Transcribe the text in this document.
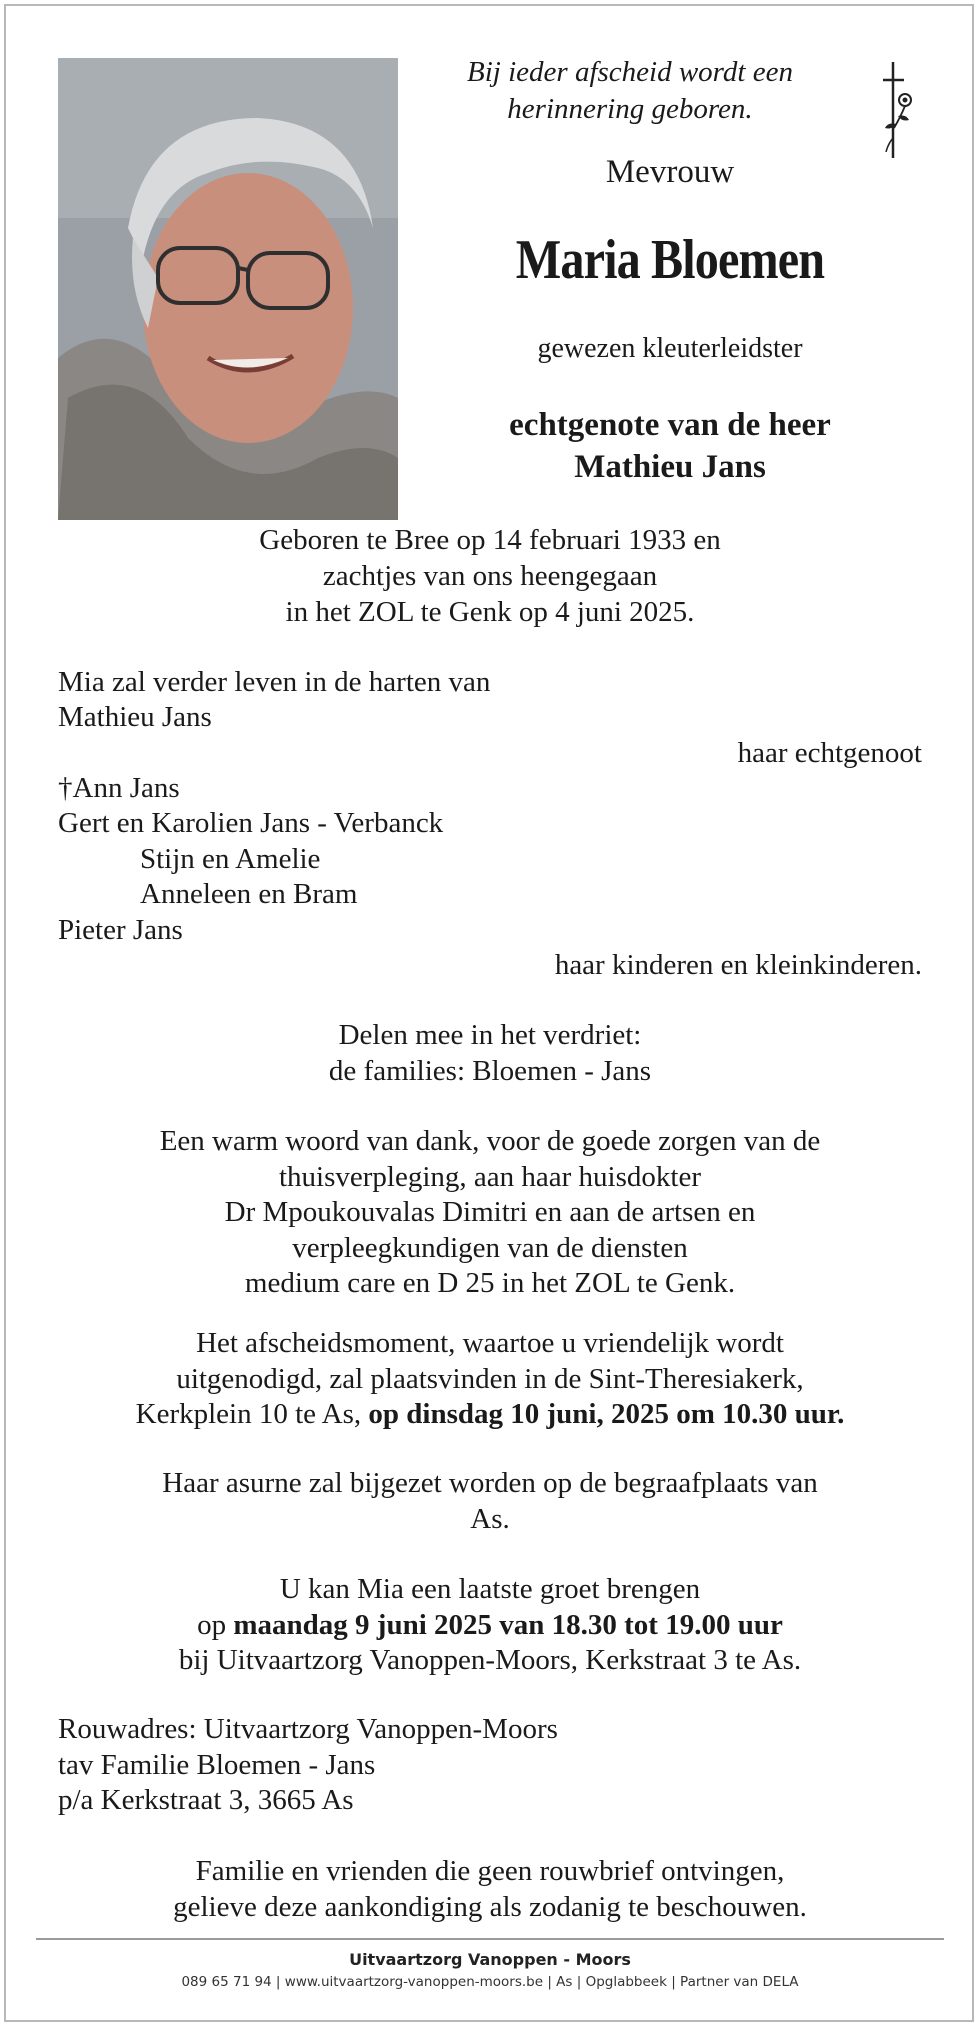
Bij ieder afscheid wordt een
herinnering geboren.
Mevrouw
Maria Bloemen
gewezen kleuterleidster
echtgenote van de heer
Mathieu Jans
Geboren te Bree op 14 februari 1933 en
zachtjes van ons heengegaan
in het ZOL te Genk op 4 juni 2025.
Mia zal verder leven in de harten van
Mathieu Jans
haar echtgenoot
†Ann Jans
Gert en Karolien Jans - Verbanck
Stijn en Amelie
Anneleen en Bram
Pieter Jans
haar kinderen en kleinkinderen.
Delen mee in het verdriet:
de families: Bloemen - Jans
Een warm woord van dank, voor de goede zorgen van de
thuisverpleging, aan haar huisdokter
Dr Mpoukouvalas Dimitri en aan de artsen en
verpleegkundigen van de diensten
medium care en D 25 in het ZOL te Genk.
Het afscheidsmoment, waartoe u vriendelijk wordt
uitgenodigd, zal plaatsvinden in de Sint-Theresiakerk,
Kerkplein 10 te As, op dinsdag 10 juni, 2025 om 10.30 uur.
Haar asurne zal bijgezet worden op de begraafplaats van
As.
U kan Mia een laatste groet brengen
op maandag 9 juni 2025 van 18.30 tot 19.00 uur
bij Uitvaartzorg Vanoppen-Moors, Kerkstraat 3 te As.
Rouwadres: Uitvaartzorg Vanoppen-Moors
tav Familie Bloemen - Jans
p/a Kerkstraat 3, 3665 As
Familie en vrienden die geen rouwbrief ontvingen,
gelieve deze aankondiging als zodanig te beschouwen.
Uitvaartzorg Vanoppen - Moors
089 65 71 94 | www.uitvaartzorg-vanoppen-moors.be | As | Opglabbeek | Partner van DELA
